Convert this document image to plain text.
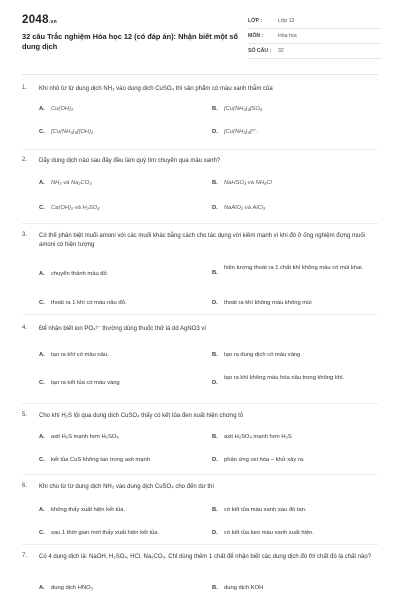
2048.vn
32 câu Trắc nghiệm Hóa học 12 (có đáp án): Nhận biết một số dung dịch
LỚP :	Lớp 12
MÔN :	Hóa học
SỐ CÂU : 32
1. Khi nhỏ từ từ dung dịch NH₃ vào dung dịch CuSO₄ thì sản phẩm có màu xanh thẫm của
A. Cu(OH)₂	B. [Cu(NH₃)₄]SO₄
C. [Cu(NH₃)₄](OH)₂	D. [Cu(NH₃)₄]²⁺.
2. Dãy dung dịch nào sau đây đều làm quỳ tím chuyển qua màu xanh?
A. NH₃ và Na₂CO₃	B. NaHSO₄ và NH₄Cl
C. Ca(OH)₂ và H₂SO₄	D. NaAlO₂ và AlCl₃
3. Có thể phân biệt muối amoni với các muối khác bằng cách cho tác dụng với kiềm mạnh vì khi đó ở ống nghiệm đựng muối amoni có hiện tượng
A. chuyển thành màu đỏ.	B.
hiện tượng thoát ra 1 chất khí không màu có mùi khai.
C. thoát ra 1 khí có màu nâu đỏ.	D. thoát ra khí không màu không mùi
4. Để nhận biết ion PO₄³⁻ thường dùng thuốc thử là dd AgNO3 vì
A. tạo ra khí có màu nâu.	B. tạo ra dung dịch có màu vàng
C. tạo ra kết tủa có màu vàng	D.
tạo ra khí không màu hóa nâu trong không khí.
5. Cho khí H₂S lội qua dung dịch CuSO₄ thấy có kết tủa đen xuất hiện chứng tỏ
A. axit H₂S mạnh hơn H₂SO₄	B. axit H₂SO₄ mạnh hơn H₂S
C. kết tủa CuS không tan trong axit mạnh	D. phản ứng oxi hóa – khử xảy ra.
6. Khi cho từ từ dung dịch NH₃ vào dung dịch CuSO₄ cho đến dư thì
A. không thấy xuất hiện kết tủa.	B. có kết tủa màu xanh sau đó tan.
C. sau 1 thời gian mới thấy xuất hiện kết tủa.	D. có kết tủa keo màu xanh xuất hiện.
7. Có 4 dung dịch là: NaOH, H₂SO₄, HCl, Na₂CO₃. Chỉ dùng thêm 1 chất để nhận biết các dung dịch đó thì chất đó là chất nào?
A. dung dịch HNO₃	B. dung dịch KOH
